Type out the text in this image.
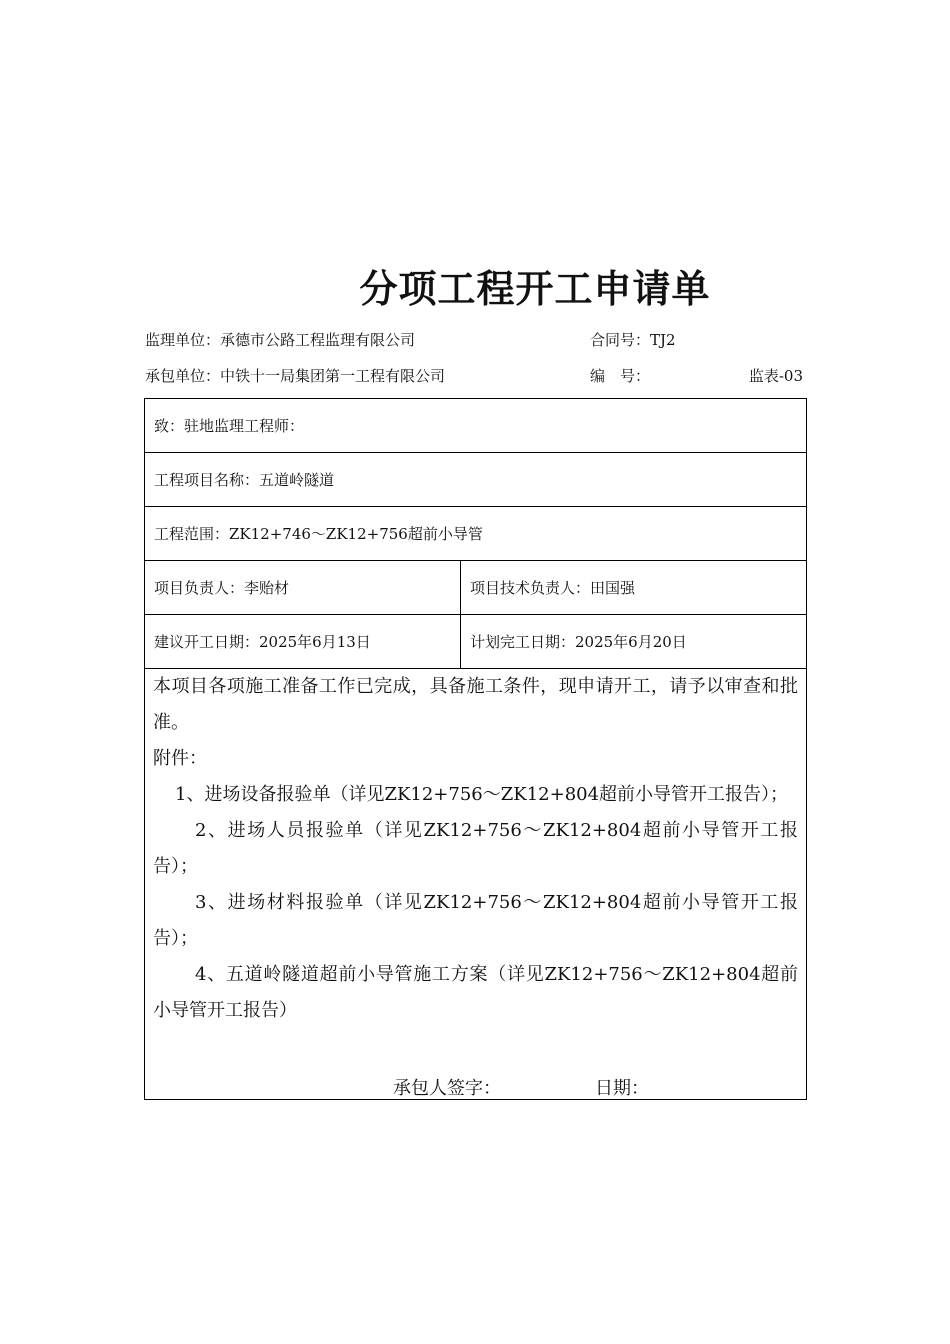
分项工程开工申请单
监理单位：承德市公路工程监理有限公司	合同号：TJ2
承包单位：中铁十一局集团第一工程有限公司	编　号：	监表-03
致：驻地监理工程师：
工程项目名称：五道岭隧道
工程范围：ZK12+746～ZK12+756超前小导管
项目负责人：李贻材	项目技术负责人：田国强
建议开工日期：2025年6月13日	计划完工日期：2025年6月20日
本项目各项施工准备工作已完成，具备施工条件，现申请开工，请予以审查和批准。
附件：
1、进场设备报验单（详见ZK12+756～ZK12+804超前小导管开工报告）；
2、进场人员报验单（详见ZK12+756～ZK12+804超前小导管开工报告）；
3、进场材料报验单（详见ZK12+756～ZK12+804超前小导管开工报告）；
4、五道岭隧道超前小导管施工方案（详见ZK12+756～ZK12+804超前小导管开工报告）
承包人签字：	日期：
